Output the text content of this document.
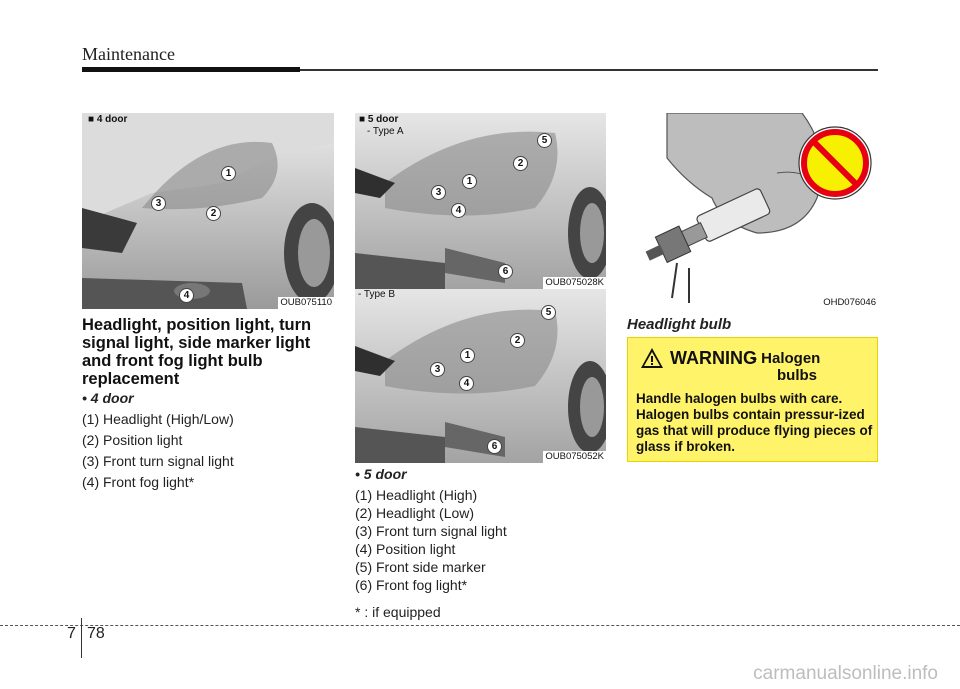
Maintenance
■ 4 door
1
2
3
4
OUB075110
■ 5 door
- Type A
1
2
3
4
5
6
OUB075028K
- Type B
1
2
3
4
5
6
OUB075052K
OHD076046
Headlight, position light, turn signal light, side marker light and front fog light bulb replacement
• 4 door
(1) Headlight (High/Low)
(2) Position light
(3) Front turn signal light
(4) Front fog light*	• 5 door
(1) Headlight (High)
(2) Headlight (Low)
(3) Front turn signal light
(4) Position light
(5) Front side marker
(6) Front fog light*
* : if equipped
Headlight bulb
WARNING
- Halogen
bulbs
Handle halogen bulbs with care. Halogen bulbs contain pressur-ized gas that will produce flying pieces of glass if broken.
7 78
carmanualsonline.info
